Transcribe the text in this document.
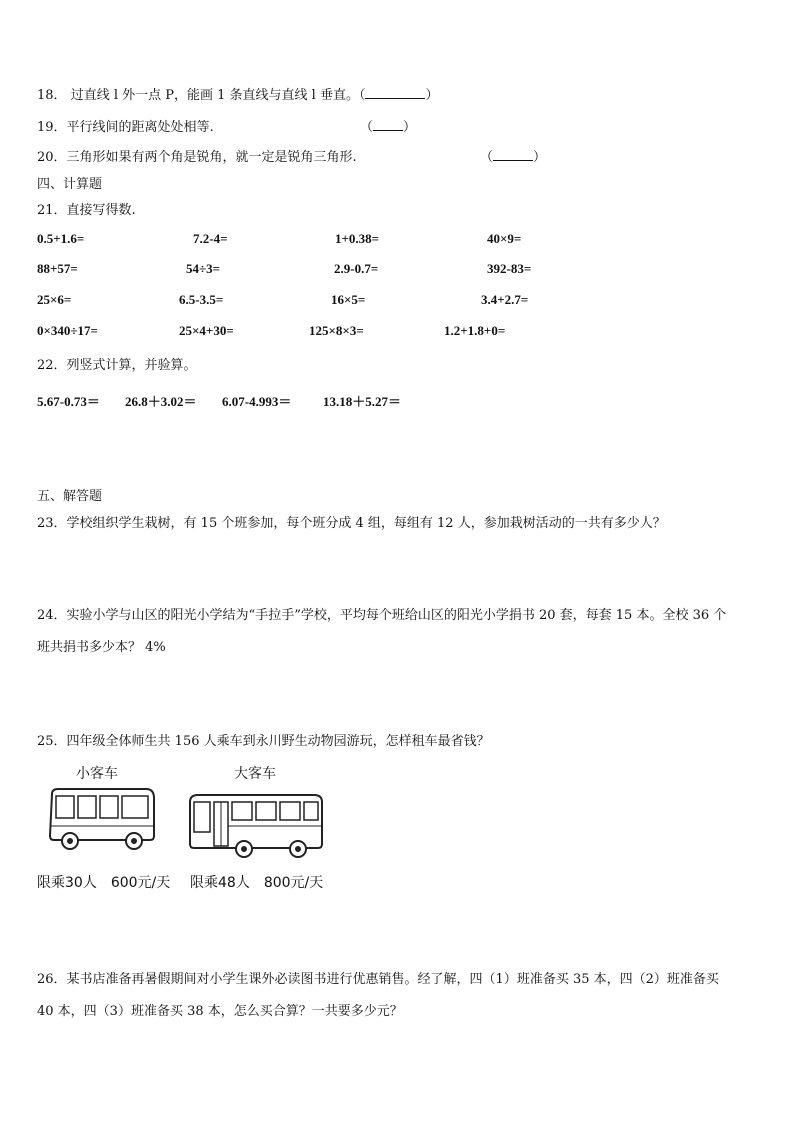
18． 过直线 l 外一点 P，能画 1 条直线与直线 l 垂直。（	）
19．平行线间的距离处处相等.	（ ）
20．三角形如果有两个角是锐角，就一定是锐角三角形.	（	）
四、计算题
21．直接写得数.
0.5+1.6=	7.2-4=	1+0.38=	40×9=
88+57=	54÷3=	2.9-0.7=	392-83=
25×6=	6.5-3.5=	16×5=	3.4+2.7=
0×340÷17=	25×4+30=	125×8×3=	1.2+1.8+0=
22．列竖式计算，并验算。
5.67-0.73＝ 26.8＋3.02＝ 6.07-4.993＝ 13.18＋5.27＝
五、解答题
23．学校组织学生栽树，有 15 个班参加，每个班分成 4 组，每组有 12 人，参加栽树活动的一共有多少人？
24．实验小学与山区的阳光小学结为“手拉手”学校，平均每个班给山区的阳光小学捐书 20 套，每套 15 本。全校 36 个
班共捐书多少本？ 4%
25．四年级全体师生共 156 人乘车到永川野生动物园游玩，怎样租车最省钱？
小客车
限乘30人　600元/天
大客车
限乘48人　800元/天
26．某书店准备再暑假期间对小学生课外必读图书进行优惠销售。经了解，四（1）班准备买 35 本，四（2）班准备买
40 本，四（3）班准备买 38 本，怎么买合算？一共要多少元？
